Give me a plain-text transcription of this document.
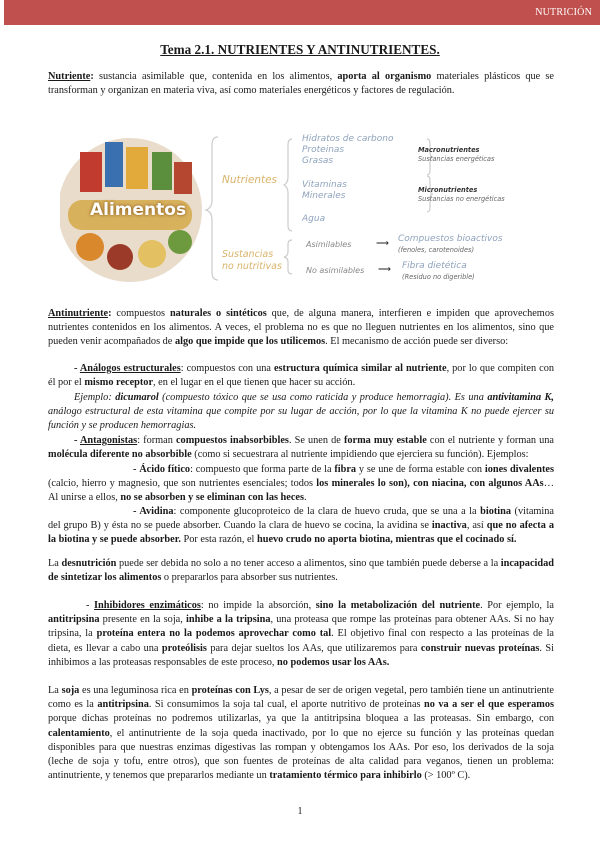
NUTRICIÓN
Tema 2.1. NUTRIENTES Y ANTINUTRIENTES.
Nutriente: sustancia asimilable que, contenida en los alimentos, aporta al organismo materiales plásticos que se transforman y organizan en materia viva, así como materiales energéticos y factores de regulación.
Alimentos
Nutrientes
Hidratos de carbono
Proteinas
Grasas
Vitaminas
Minerales
Agua
Macronutrientes
Sustancias energéticas
Micronutrientes
Sustancias no energéticas
Sustancias
no nutritivas
Asimilables
No asimilables
⟶
⟶
Compuestos bioactivos
(fenoles, carotenoides)
Fibra dietética
(Residuo no digerible)
Antinutriente: compuestos naturales o sintéticos que, de alguna manera, interfieren e impiden que aprovechemos nutrientes contenidos en los alimentos. A veces, el problema no es que no lleguen nutrientes en los alimentos, sino que pueden venir acompañados de algo que impide que los utilicemos. El mecanismo de acción puede ser diverso:
- Análogos estructurales: compuestos con una estructura química similar al nutriente, por lo que compiten con él por el mismo receptor, en el lugar en el que tienen que hacer su acción.
Ejemplo: dicumarol (compuesto tóxico que se usa como raticida y produce hemorragia). Es una antivitamina K, análogo estructural de esta vitamina que compite por su lugar de acción, por lo que la vitamina K no puede ejercer su función y se producen hemorragias.
- Antagonistas: forman compuestos inabsorbibles. Se unen de forma muy estable con el nutriente y forman una molécula diferente no absorbible (como si secuestrara al nutriente impidiendo que ejerciera su función). Ejemplos:
- Ácido fítico: compuesto que forma parte de la fibra y se une de forma estable con iones divalentes (calcio, hierro y magnesio, que son nutrientes esenciales; todos los minerales lo son), con niacina, con algunos AAs… Al unirse a ellos, no se absorben y se eliminan con las heces.
- Avidina: componente glucoproteico de la clara de huevo cruda, que se una a la biotina (vitamina del grupo B) y ésta no se puede absorber. Cuando la clara de huevo se cocina, la avidina se inactiva, así que no afecta a la biotina y se puede absorber. Por esta razón, el huevo crudo no aporta biotina, mientras que el cocinado sí.
La desnutrición puede ser debida no solo a no tener acceso a alimentos, sino que también puede deberse a la incapacidad de sintetizar los alimentos o prepararlos para absorber sus nutrientes.
- Inhibidores enzimáticos: no impide la absorción, sino la metabolización del nutriente. Por ejemplo, la antitripsina presente en la soja, inhibe a la tripsina, una proteasa que rompe las proteínas para obtener AAs. Si no hay tripsina, la proteína entera no la podemos aprovechar como tal. El objetivo final con respecto a las proteínas de la dieta, es llevar a cabo una proteólisis para dejar sueltos los AAs, que utilizaremos para construir nuevas proteínas. Si inhibimos a las proteasas responsables de este proceso, no podemos usar los AAs.
La soja es una leguminosa rica en proteínas con Lys, a pesar de ser de origen vegetal, pero también tiene un antinutriente como es la antitripsina. Si consumimos la soja tal cual, el aporte nutritivo de proteínas no va a ser el que esperamos porque dichas proteínas no podremos utilizarlas, ya que la antitripsina bloquea a las proteasas. Sin embargo, con calentamiento, el antinutriente de la soja queda inactivado, por lo que no ejerce su función y las proteínas quedan disponibles para que nuestras enzimas digestivas las rompan y obtengamos los AAs. Por eso, los derivados de la soja (leche de soja y tofu, entre otros), que son fuentes de proteínas de alta calidad para veganos, tienen un problema: antinutriente, y tenemos que prepararlos mediante un tratamiento térmico para inhibirlo (> 100º C).
1
